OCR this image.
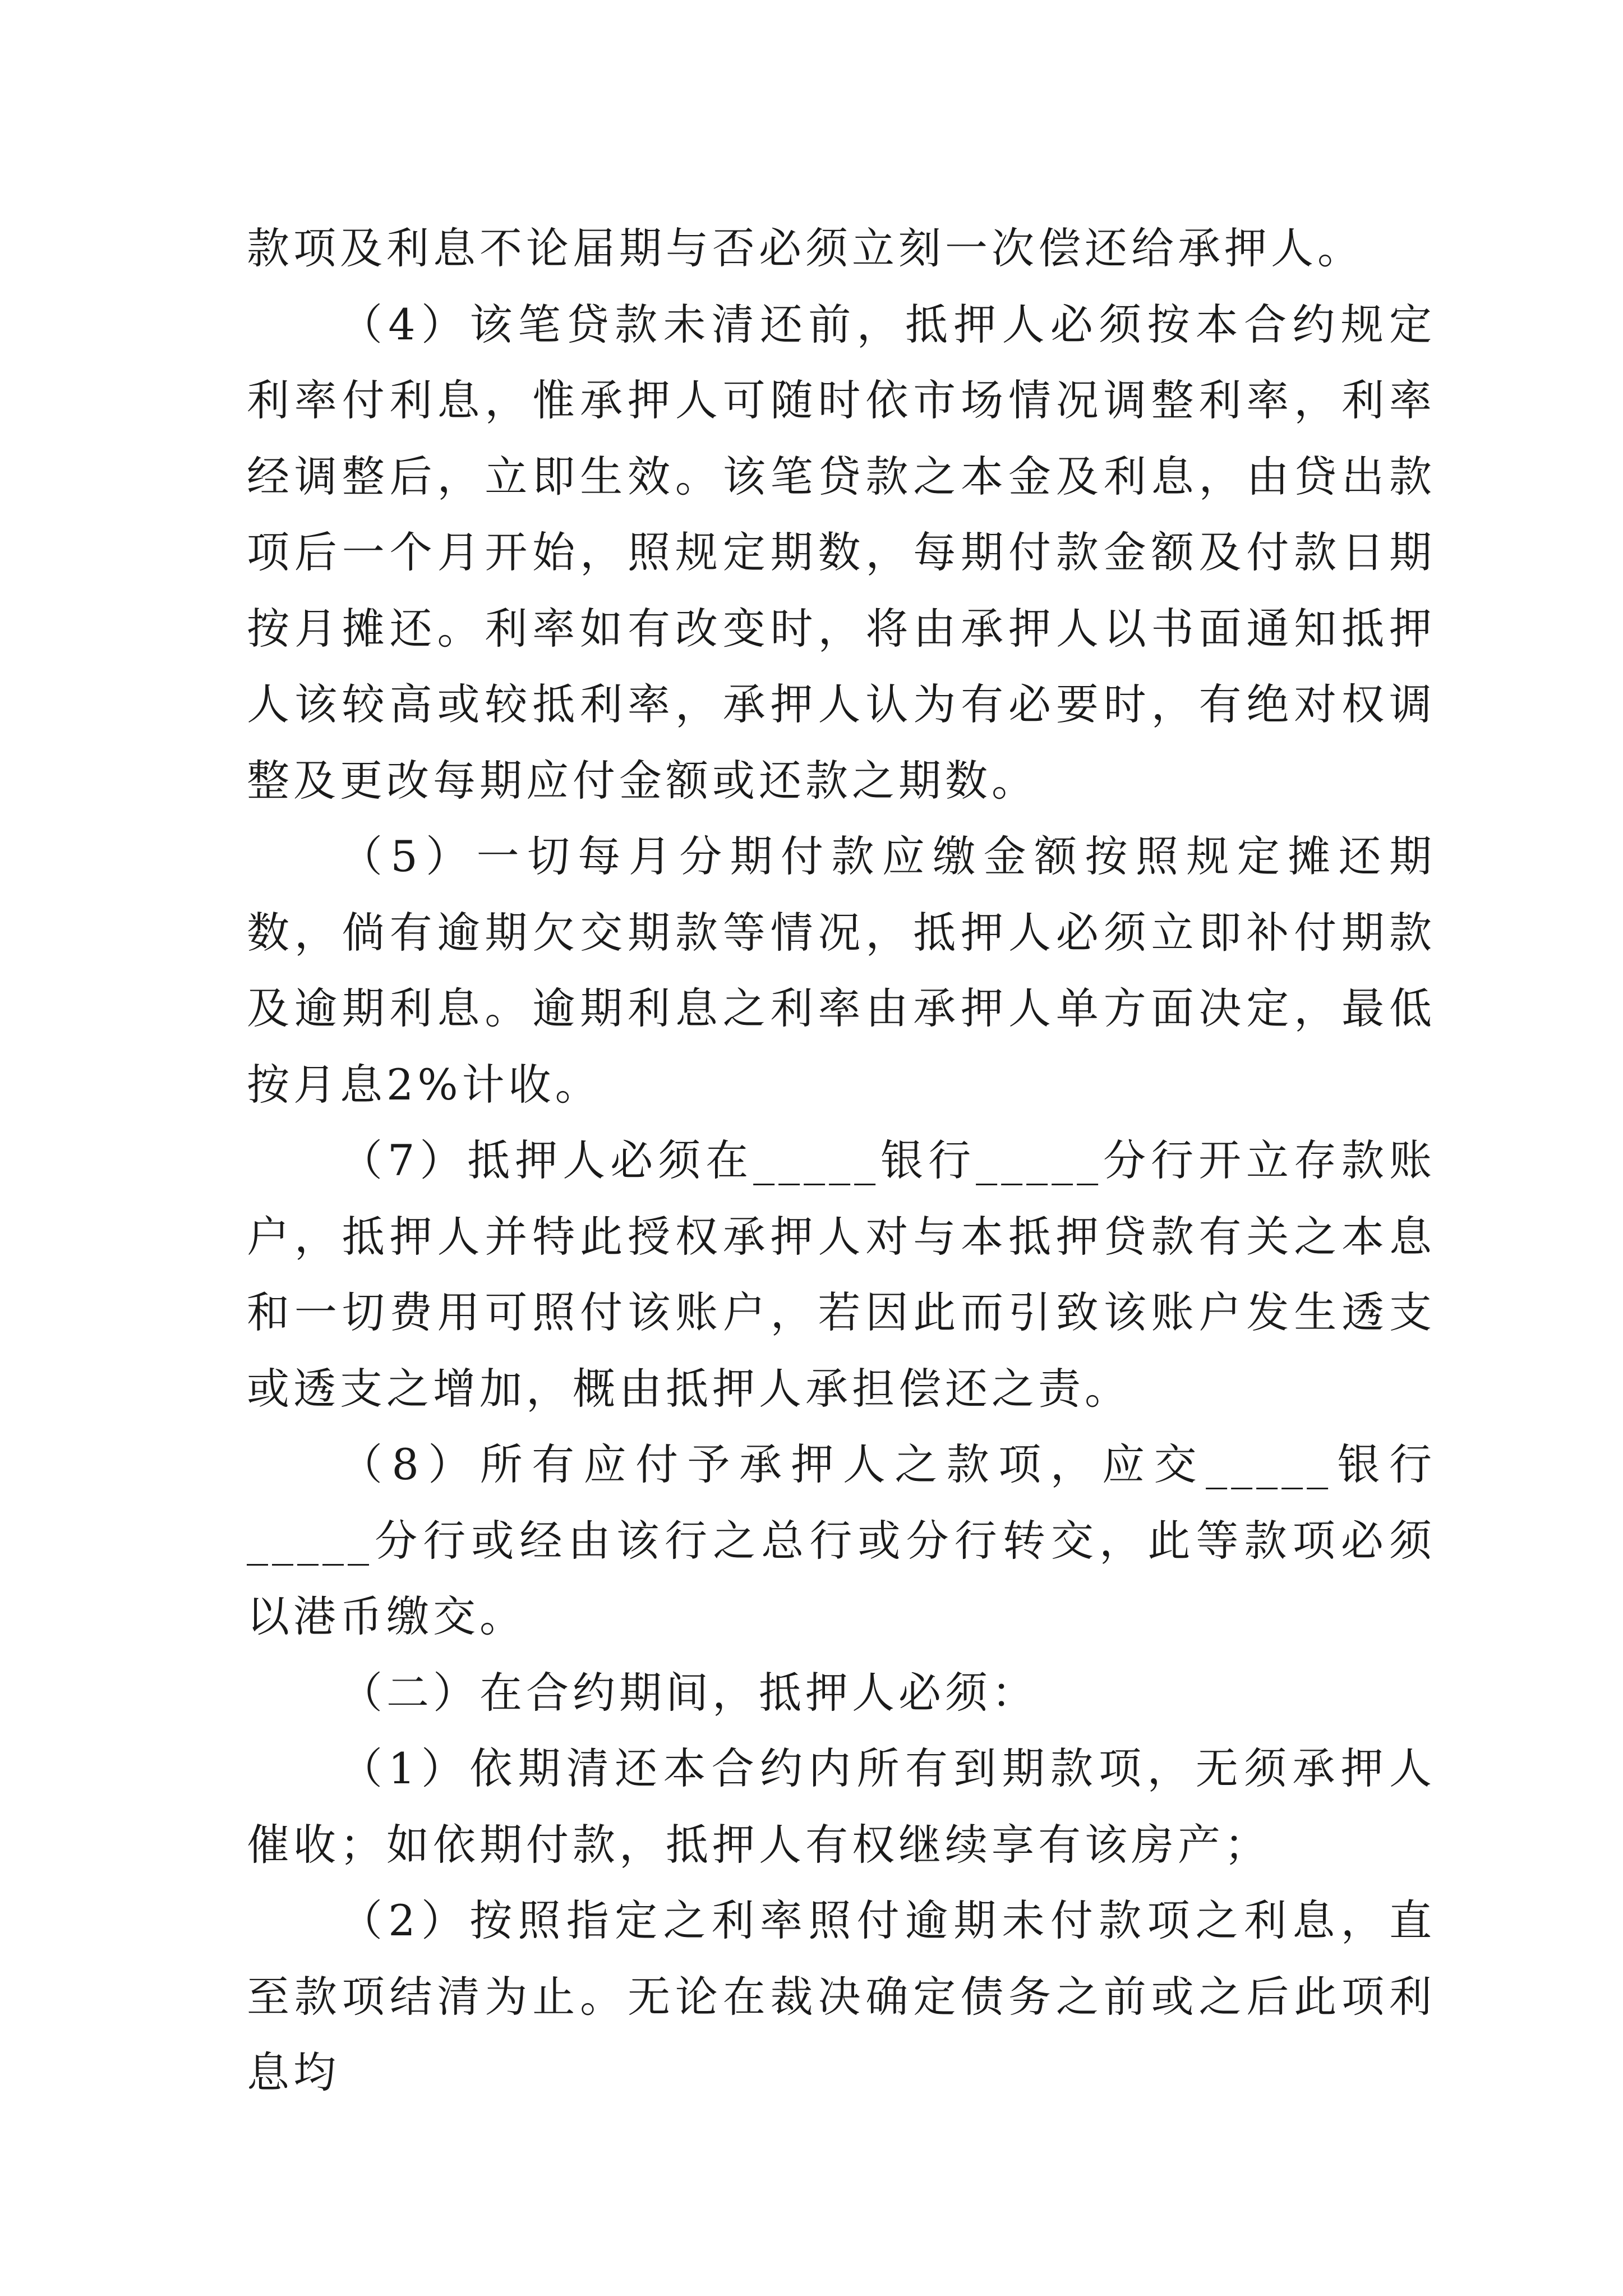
款项及利息不论届期与否必须立刻一次偿还给承押人。

（4）该笔贷款未清还前，抵押人必须按本合约规定利率付利息，惟承押人可随时依市场情况调整利率，利率经调整后，立即生效。该笔贷款之本金及利息，由贷出款项后一个月开始，照规定期数，每期付款金额及付款日期按月摊还。利率如有改变时，将由承押人以书面通知抵押人该较高或较抵利率，承押人认为有必要时，有绝对权调整及更改每期应付金额或还款之期数。

（5）一切每月分期付款应缴金额按照规定摊还期数，倘有逾期欠交期款等情况，抵押人必须立即补付期款及逾期利息。逾期利息之利率由承押人单方面决定，最低按月息2%计收。

（7）抵押人必须在_____银行_____分行开立存款账户，抵押人并特此授权承押人对与本抵押贷款有关之本息和一切费用可照付该账户，若因此而引致该账户发生透支或透支之增加，概由抵押人承担偿还之责。

（8）所有应付予承押人之款项，应交_____银行_____分行或经由该行之总行或分行转交，此等款项必须以港币缴交。

（二）在合约期间，抵押人必须：

（1）依期清还本合约内所有到期款项，无须承押人催收；如依期付款，抵押人有权继续享有该房产；

（2）按照指定之利率照付逾期未付款项之利息，直至款项结清为止。无论在裁决确定债务之前或之后此项利息均
